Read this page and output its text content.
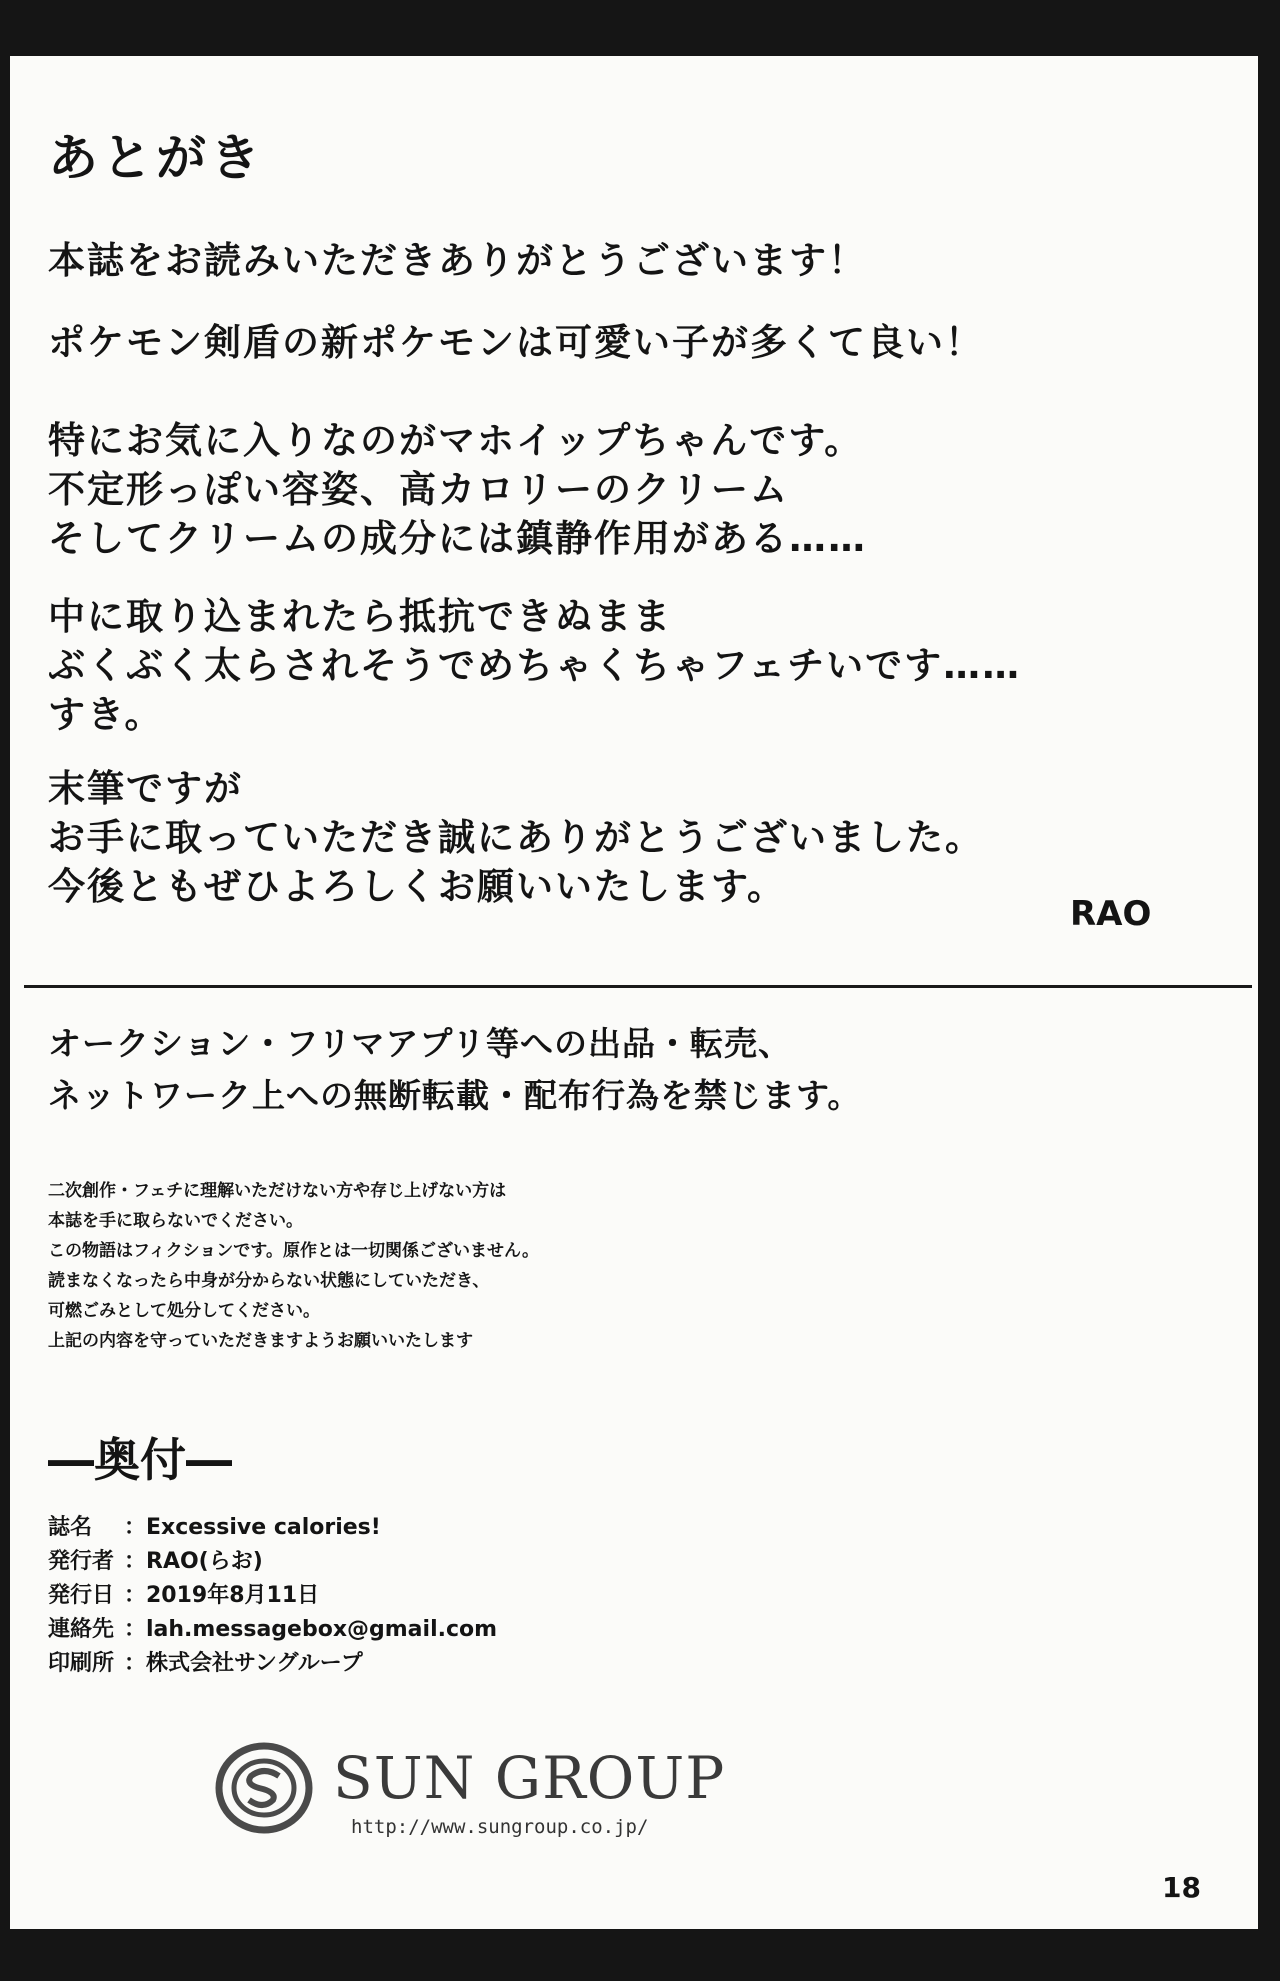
あとがき
本誌をお読みいただきありがとうございます！
ポケモン剣盾の新ポケモンは可愛い子が多くて良い！
特にお気に入りなのがマホイップちゃんです。
不定形っぽい容姿、高カロリーのクリーム
そしてクリームの成分には鎮静作用がある……
中に取り込まれたら抵抗できぬまま
ぶくぶく太らされそうでめちゃくちゃフェチいです……
すき。
末筆ですが
お手に取っていただき誠にありがとうございました。
今後ともぜひよろしくお願いいたします。
RAO
オークション・フリマアプリ等への出品・転売、
ネットワーク上への無断転載・配布行為を禁じます。
二次創作・フェチに理解いただけない方や存じ上げない方は
本誌を手に取らないでください。
この物語はフィクションです。原作とは一切関係ございません。
読まなくなったら中身が分からない状態にしていただき、
可燃ごみとして処分してください。
上記の内容を守っていただきますようお願いいたします
―奥付―
誌名	： Excessive calories!
発行者 ： RAO(らお)
発行日 ： 2019年8月11日
連絡先 ： lah.messagebox@gmail.com
印刷所 ： 株式会社サングループ
SUN GROUP
http://www.sungroup.co.jp/
18
